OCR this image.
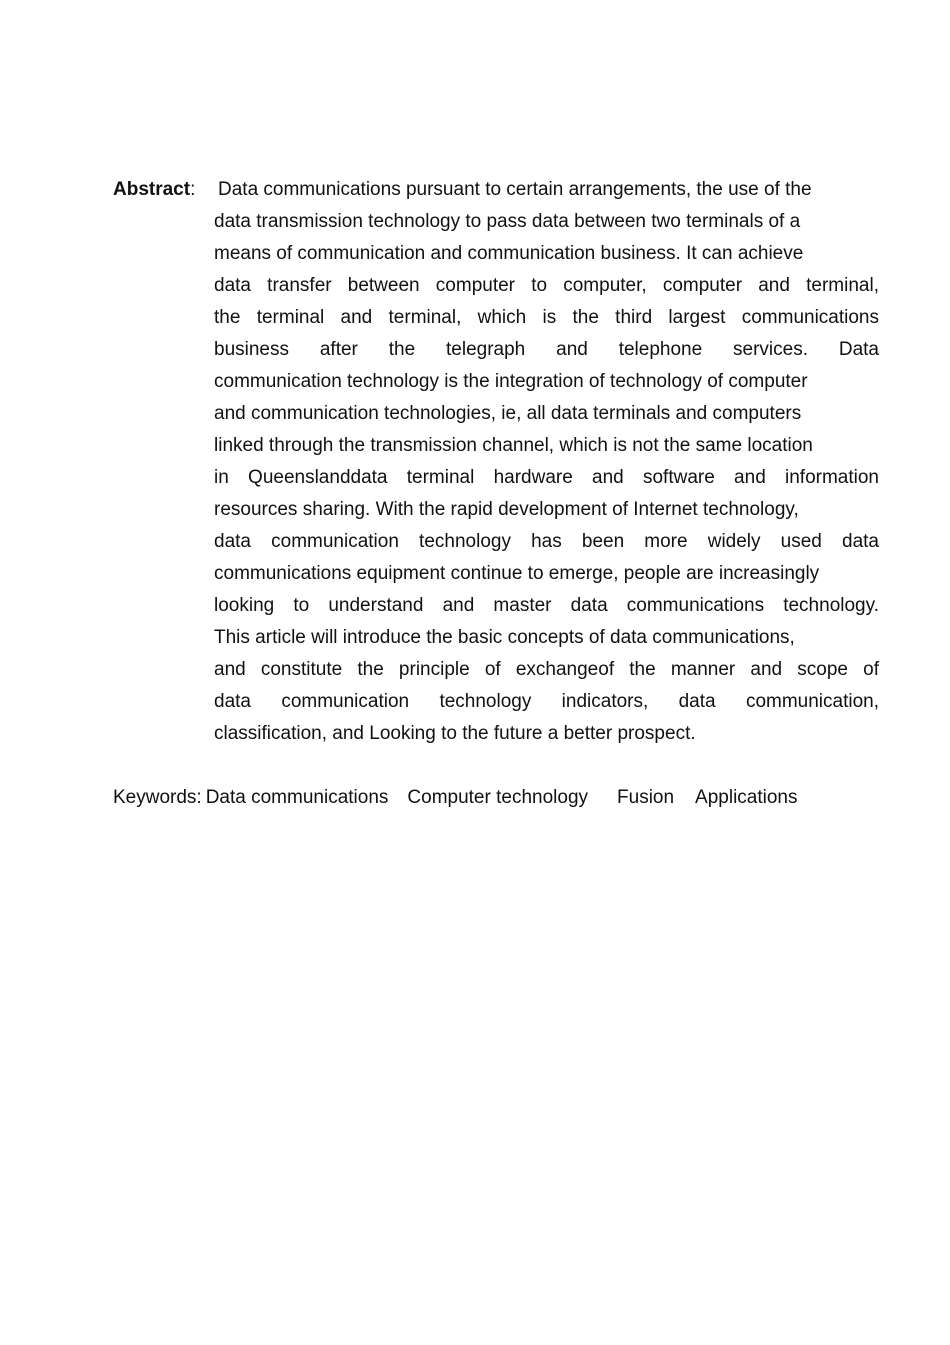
Abstract: Data communications pursuant to certain arrangements, the use of the
data transmission technology to pass data between two terminals of a
means of communication and communication business. It can achieve
data transfer between computer to computer, computer and terminal,
the terminal and terminal, which is the third largest communications
business after the telegraph and telephone services. Data
communication technology is the integration of technology of computer
and communication technologies, ie, all data terminals and computers
linked through the transmission channel, which is not the same location
in Queenslanddata terminal hardware and software and information
resources sharing. With the rapid development of Internet technology,
data communication technology has been more widely used data
communications equipment continue to emerge, people are increasingly
looking to understand and master data communications technology.
This article will introduce the basic concepts of data communications,
and constitute the principle of exchangeof the manner and scope of
data communication technology indicators, data communication,
classification, and Looking to the future a better prospect.
Keywords: Data communications Computer technology Fusion Applications
